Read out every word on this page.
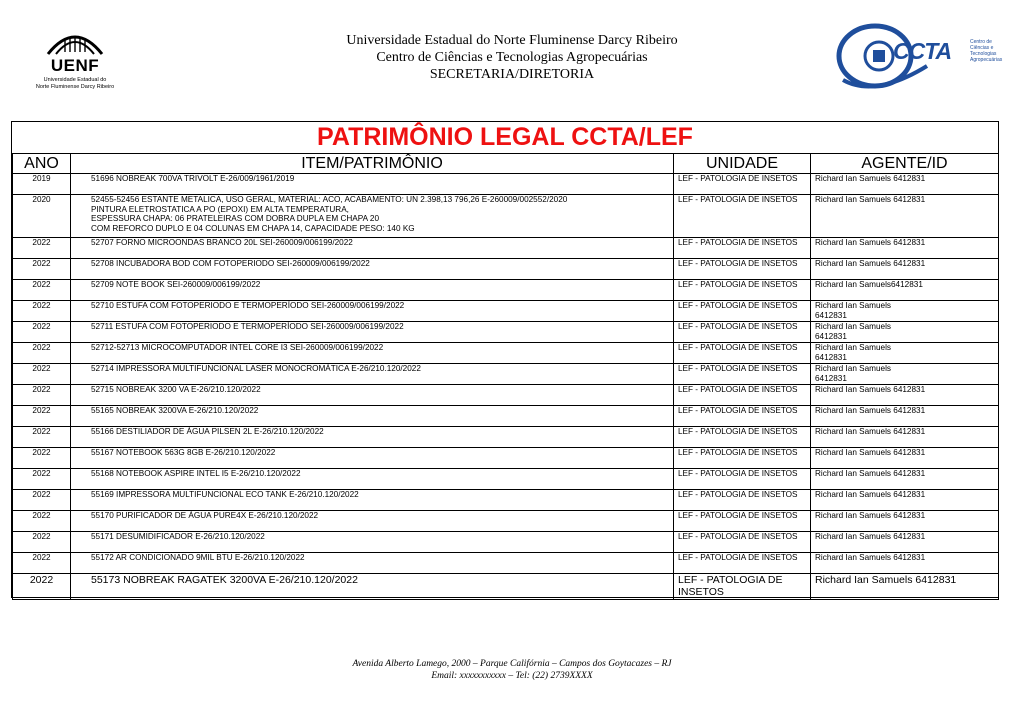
UENF
Universidade Estadual do
Norte Fluminense Darcy Ribeiro
Universidade Estadual do Norte Fluminense Darcy Ribeiro
Centro de Ciências e Tecnologias Agropecuárias
SECRETARIA/DIRETORIA
CCTA	Centro de
Ciências e
Tecnologias
Agropecuárias
PATRIMÔNIO LEGAL CCTA/LEF
ANO	ITEM/PATRIMÔNIO	UNIDADE	AGENTE/ID
2019	51696 NOBREAK 700VA TRIVOLT E-26/009/1961/2019	LEF - PATOLOGIA DE INSETOS	Richard Ian Samuels 6412831
2020	52455-52456 ESTANTE METALICA, USO GERAL, MATERIAL: ACO, ACABAMENTO: UN 2.398,13 796,26 E-260009/002552/2020
PINTURA ELETROSTATICA A PO (EPOXI) EM ALTA TEMPERATURA,
ESPESSURA CHAPA: 06 PRATELEIRAS COM DOBRA DUPLA EM CHAPA 20
COM REFORCO DUPLO E 04 COLUNAS EM CHAPA 14, CAPACIDADE PESO: 140 KG	LEF - PATOLOGIA DE INSETOS	Richard Ian Samuels 6412831
2022	52707 FORNO MICROONDAS BRANCO 20L SEI-260009/006199/2022	LEF - PATOLOGIA DE INSETOS	Richard Ian Samuels 6412831
2022	52708 INCUBADORA BOD COM FOTOPERIODO SEI-260009/006199/2022	LEF - PATOLOGIA DE INSETOS	Richard Ian Samuels 6412831
2022	52709 NOTE BOOK SEI-260009/006199/2022	LEF - PATOLOGIA DE INSETOS	Richard Ian Samuels6412831
2022	52710 ESTUFA COM FOTOPERIODO E TERMOPERÍODO SEI-260009/006199/2022	LEF - PATOLOGIA DE INSETOS	Richard Ian Samuels
6412831
2022	52711 ESTUFA COM FOTOPERIODO E TERMOPERÍODO SEI-260009/006199/2022	LEF - PATOLOGIA DE INSETOS	Richard Ian Samuels
6412831
2022	52712-52713 MICROCOMPUTADOR INTEL CORE I3 SEI-260009/006199/2022	LEF - PATOLOGIA DE INSETOS	Richard Ian Samuels
6412831
2022	52714 IMPRESSORA MULTIFUNCIONAL LASER MONOCROMÁTICA E-26/210.120/2022	LEF - PATOLOGIA DE INSETOS	Richard Ian Samuels
6412831
2022	52715 NOBREAK 3200 VA E-26/210.120/2022	LEF - PATOLOGIA DE INSETOS	Richard Ian Samuels 6412831
2022	55165 NOBREAK 3200VA E-26/210.120/2022	LEF - PATOLOGIA DE INSETOS	Richard Ian Samuels 6412831
2022	55166 DESTILIADOR DE ÁGUA PILSEN 2L E-26/210.120/2022	LEF - PATOLOGIA DE INSETOS	Richard Ian Samuels 6412831
2022	55167 NOTEBOOK 563G 8GB E-26/210.120/2022	LEF - PATOLOGIA DE INSETOS	Richard Ian Samuels 6412831
2022	55168 NOTEBOOK ASPIRE INTEL I5 E-26/210.120/2022	LEF - PATOLOGIA DE INSETOS	Richard Ian Samuels 6412831
2022	55169 IMPRESSORA MULTIFUNCIONAL ECO TANK E-26/210.120/2022	LEF - PATOLOGIA DE INSETOS	Richard Ian Samuels 6412831
2022	55170 PURIFICADOR DE ÁGUA PURE4X E-26/210.120/2022	LEF - PATOLOGIA DE INSETOS	Richard Ian Samuels 6412831
2022	55171 DESUMIDIFICADOR E-26/210.120/2022	LEF - PATOLOGIA DE INSETOS	Richard Ian Samuels 6412831
2022	55172 AR CONDICIONADO 9MIL BTU E-26/210.120/2022	LEF - PATOLOGIA DE INSETOS	Richard Ian Samuels 6412831
2022	55173 NOBREAK RAGATEK 3200VA E-26/210.120/2022	LEF - PATOLOGIA DE INSETOS	Richard Ian Samuels 6412831
Avenida Alberto Lamego, 2000 – Parque Califórnia – Campos dos Goytacazes – RJ
Email: xxxxxxxxxxx – Tel: (22) 2739XXXX
